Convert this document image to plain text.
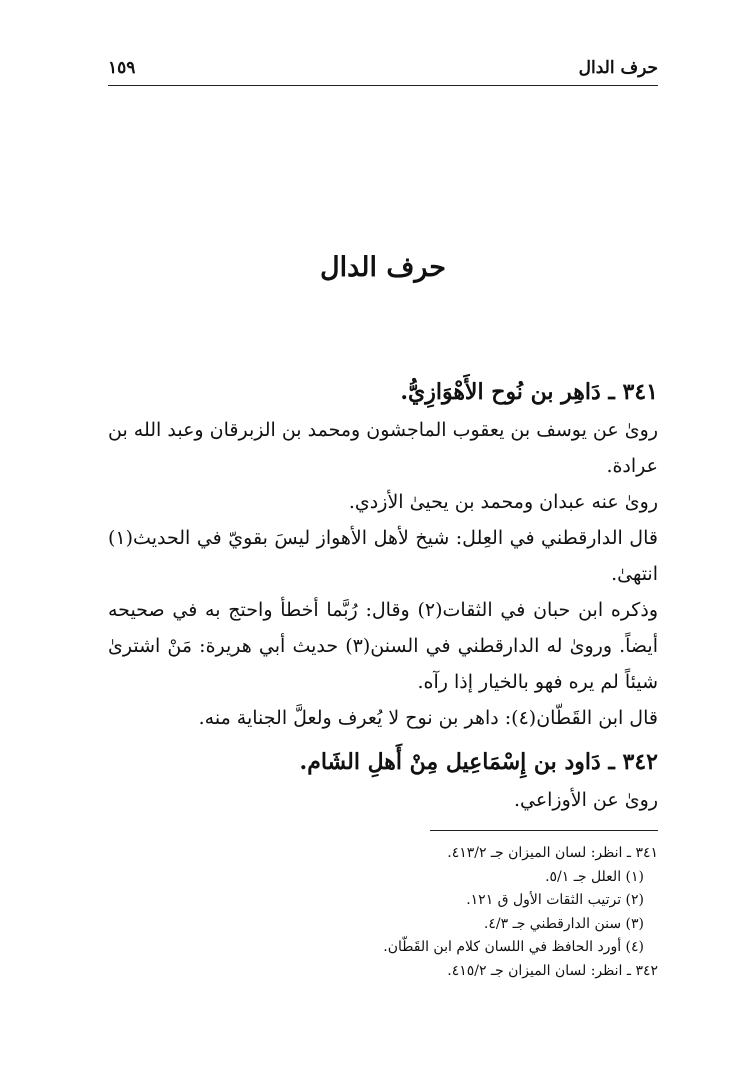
حرف الدال
١٥٩
حرف الدال

٣٤١ ـ دَاهِر بن نُوح الأَهْوَازِيُّ.

رویٰ عن یوسف بن یعقوب الماجشون ومحمد بن الزبرقان وعبد الله بن عرادة.

روىٰ عنه عبدان ومحمد بن يحيىٰ الأزدي.

قال الدارقطني في العِلل: شيخ لأهل الأهواز ليسَ بقويّ في الحديث(١) انتهىٰ.

وذكره ابن حبان في الثقات(٢) وقال: رُبَّما أخطأ واحتج به في صحيحه أيضاً. وروىٰ له الدارقطني في السنن(٣) حديث أبي هريرة: مَنْ اشترىٰ شيئاً لم يره فهو بالخيار إذا رآه.

قال ابن القَطّان(٤): داهر بن نوح لا يُعرف ولعلَّ الجناية منه.

٣٤٢ ـ دَاود بن إِسْمَاعِيل مِنْ أَهلِ الشَام.

رویٰ عن الأوزاعي.

٣٤١ ـ انظر: لسان الميزان جـ ٤١٣/٢.

(١) العلل جـ ٥/١.

(٢) ترتيب الثقات الأول ق ١٢١.

(٣) سنن الدارقطني جـ ٤/٣.

(٤) أورد الحافظ في اللسان كلام ابن القَطّان.

٣٤٢ ـ انظر: لسان الميزان جـ ٤١٥/٢.
